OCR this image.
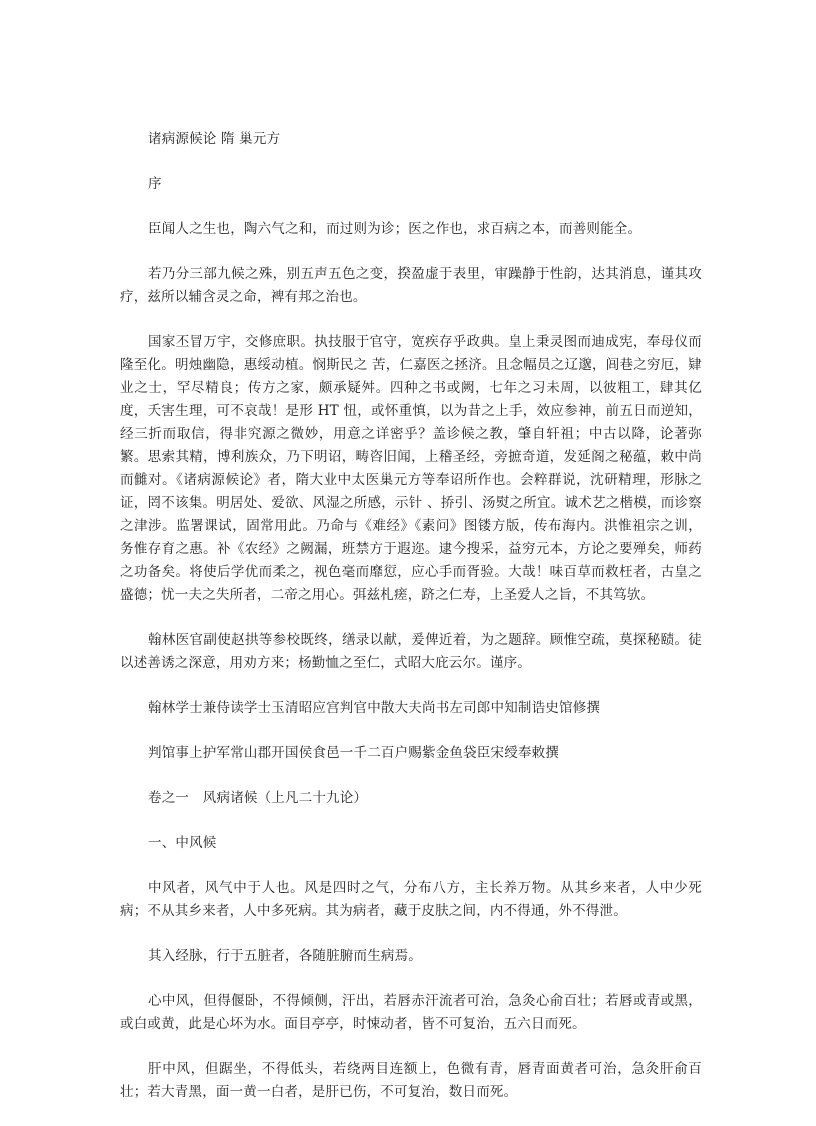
诸病源候论 隋 巢元方

序

臣闻人之生也，陶六气之和，而过则为诊；医之作也，求百病之本，而善则能全。

若乃分三部九候之殊，别五声五色之变，揆盈虚于表里，审躁静于性韵，达其消息，谨其攻疗，兹所以辅含灵之命，裨有邦之治也。

国家丕冒万宇，交修庶职。执技服于官守，宽疾存乎政典。皇上秉灵图而迪成宪，奉母仪而隆至化。明烛幽隐，惠绥动植。悯斯民之 苦，仁嘉医之拯济。且念幅员之辽邈，闾巷之穷厄，肄业之士，罕尽精良；传方之家，颇承疑舛。四种之书或阙，七年之习未周，以彼粗工，肆其亿度，夭害生理，可不哀哉！是形 HT 忸，或怀重慎，以为昔之上手，效应参神，前五日而逆知，经三折而取信，得非究源之微妙，用意之详密乎？盖诊候之教，肇自轩祖；中古以降，论著弥繁。思索其精，博利族众，乃下明诏，畴咨旧闻，上稽圣经，旁摭奇道，发延阁之秘蕴，敕中尚而雠对。《诸病源候论》者，隋大业中太医巢元方等奉诏所作也。会粹群说，沈研精理，形脉之证，罔不该集。明居处、爱欲、风湿之所感，示针 、挢引、汤熨之所宜。诚术艺之楷模，而诊察之津涉。监署课试，固常用此。乃命与《难经》《素问》图镂方版，传布海内。洪惟祖宗之训，务惟存育之惠。补《农经》之阙漏，班禁方于遐迩。逮今搜采，益穷元本，方论之要殚矣，师药之功备矣。将使后学优而柔之，视色毫而靡愆，应心手而胥验。大哉！味百草而救枉者，古皇之盛德；忧一夫之失所者，二帝之用心。弭兹札瘥，跻之仁寿，上圣爱人之旨，不其笃欤。

翰林医官副使赵拱等参校既终，缮录以献，爰俾近着，为之题辞。顾惟空疏，莫探秘赜。徒以述善诱之深意，用劝方来；杨勤恤之至仁，式昭大庇云尔。谨序。

翰林学士兼侍读学士玉清昭应宫判官中散大夫尚书左司郎中知制诰史馆修撰

判馆事上护军常山郡开国侯食邑一千二百户赐紫金鱼袋臣宋绶奉敕撰

卷之一　风病诸候（上凡二十九论）

一、中风候

中风者，风气中于人也。风是四时之气，分布八方，主长养万物。从其乡来者，人中少死病；不从其乡来者，人中多死病。其为病者，藏于皮肤之间，内不得通，外不得泄。

其入经脉，行于五脏者，各随脏腑而生病焉。

心中风，但得偃卧，不得倾侧，汗出，若唇赤汗流者可治，急灸心俞百壮；若唇或青或黑，或白或黄，此是心坏为水。面目亭亭，时悚动者，皆不可复治，五六日而死。

肝中风，但踞坐，不得低头，若绕两目连额上，色微有青，唇青面黄者可治，急灸肝俞百壮；若大青黑，面一黄一白者，是肝已伤，不可复治，数日而死。
